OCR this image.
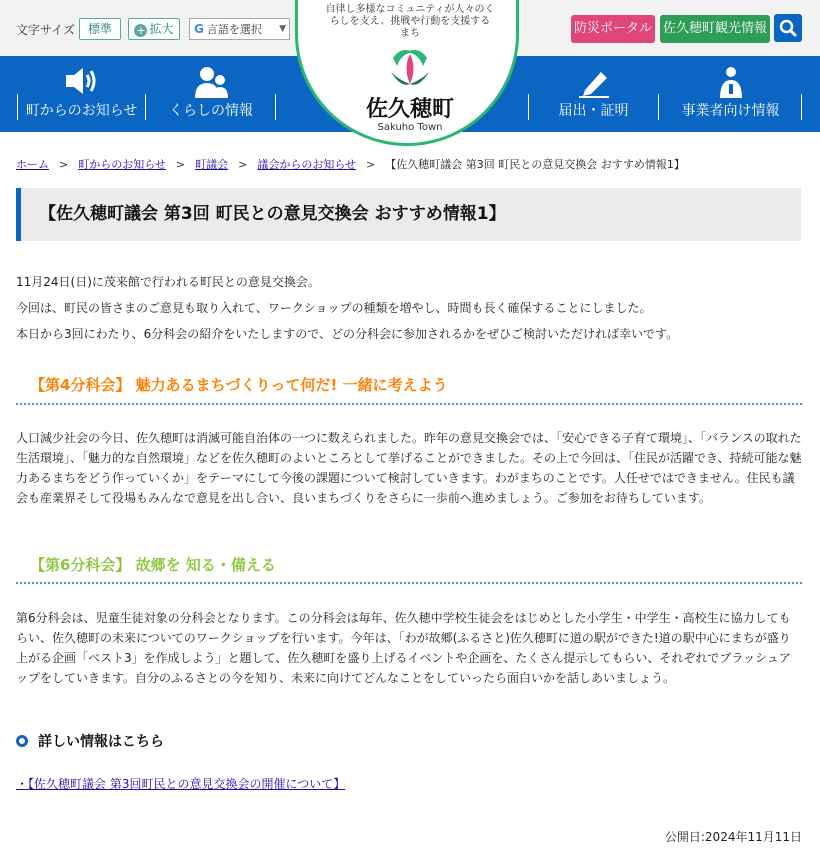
文字サイズ	標準	+ 拡大	G 言語を選択 ▼	防災ポータル 佐久穂町観光情報
町からのお知らせ	くらしの情報	届出・証明	事業者向け情報
自律し多様なコミュニティが人々のくらしを支え、挑戦や行動を支援するまち
佐久穂町
Sakuho Town
ホーム > 町からのお知らせ > 町議会 > 議会からのお知らせ > 【佐久穂町議会 第3回 町民との意見交換会 おすすめ情報1】
【佐久穂町議会 第3回 町民との意見交換会 おすすめ情報1】

11月24日(日)に茂来館で行われる町民との意見交換会。

今回は、町民の皆さまのご意見も取り入れて、ワークショップの種類を増やし、時間も長く確保することにしました。

本日から3回にわたり、6分科会の紹介をいたしますので、どの分科会に参加されるかをぜひご検討いただければ幸いです。

【第4分科会】 魅力あるまちづくりって何だ! 一緒に考えよう

人口減少社会の今日、佐久穂町は消滅可能自治体の一つに数えられました。昨年の意見交換会では、「安心できる子育て環境」、「バランスの取れた生活環境」、「魅力的な自然環境」などを佐久穂町のよいところとして挙げることができました。その上で今回は、「住民が活躍でき、持続可能な魅力あるまちをどう作っていくか」をテーマにして今後の課題について検討していきます。わがまちのことです。人任せではできません。住民も議会も産業界そして役場もみんなで意見を出し合い、良いまちづくりをさらに一歩前へ進めましょう。ご参加をお待ちしています。

【第6分科会】 故郷を 知る・備える

第6分科会は、児童生徒対象の分科会となります。この分科会は毎年、佐久穂中学校生徒会をはじめとした小学生・中学生・高校生に協力してもらい、佐久穂町の未来についてのワークショップを行います。今年は、「わが故郷(ふるさと)佐久穂町に道の駅ができた!道の駅中心にまちが盛り上がる企画「ベスト3」を作成しよう」と題して、佐久穂町を盛り上げるイベントや企画を、たくさん提示してもらい、それぞれでブラッシュアップをしていきます。自分のふるさとの今を知り、未来に向けてどんなことをしていったら面白いかを話しあいましょう。

詳しい情報はこちら
・【佐久穂町議会 第3回町民との意見交換会の開催について】
公開日:2024年11月11日
